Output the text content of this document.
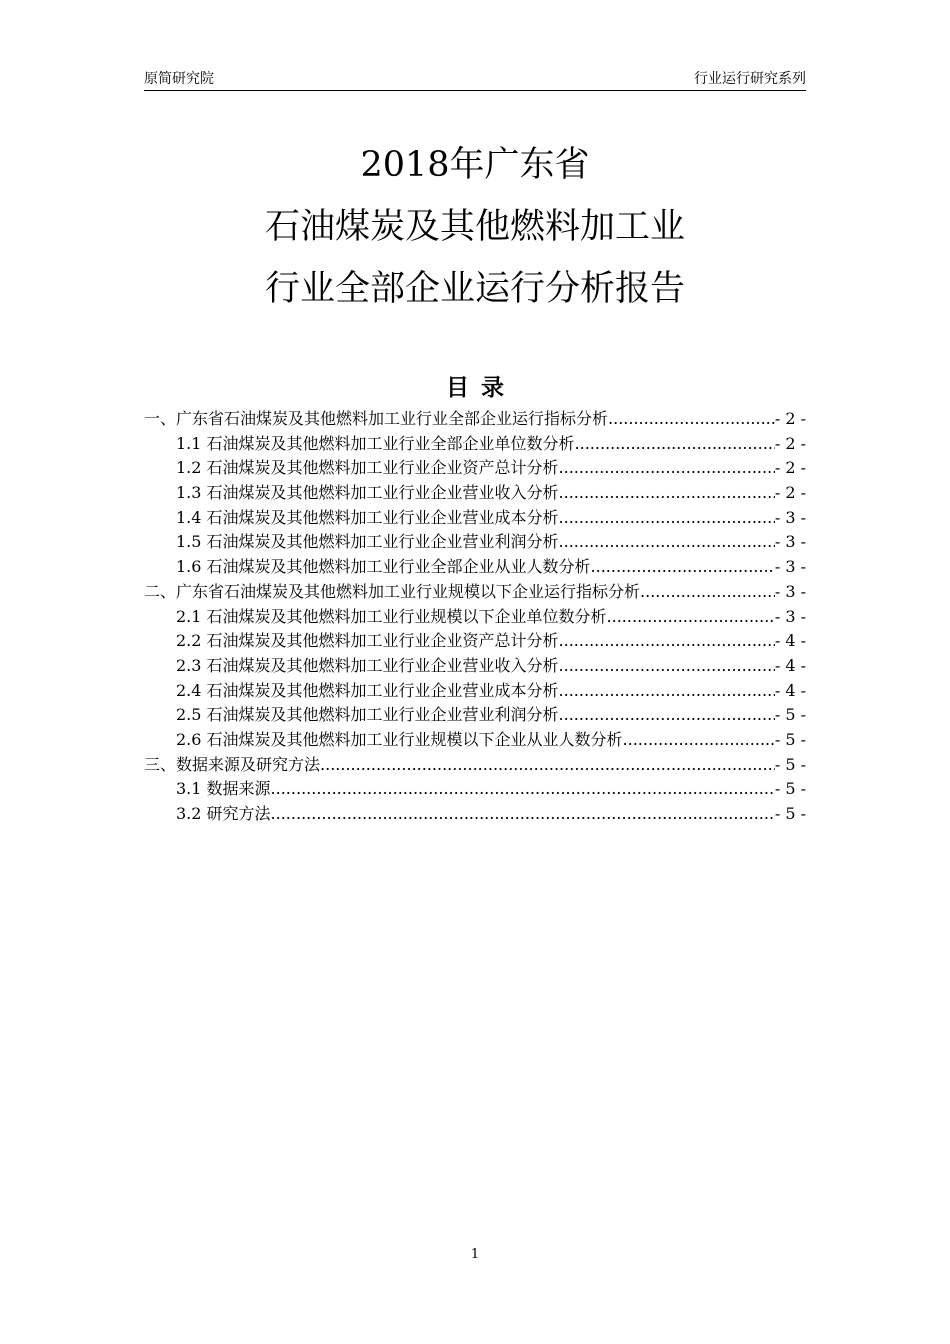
原简研究院	行业运行研究系列
2018年广东省
石油煤炭及其他燃料加工业
行业全部企业运行分析报告
目录
一、广东省石油煤炭及其他燃料加工业行业全部企业运行指标分析 .....	- 2 -
1.1 石油煤炭及其他燃料加工业行业全部企业单位数分析 .....	- 2 -
1.2 石油煤炭及其他燃料加工业行业企业资产总计分析 .....	- 2 -
1.3 石油煤炭及其他燃料加工业行业企业营业收入分析 .....	- 2 -
1.4 石油煤炭及其他燃料加工业行业企业营业成本分析 .....	- 3 -
1.5 石油煤炭及其他燃料加工业行业企业营业利润分析 .....	- 3 -
1.6 石油煤炭及其他燃料加工业行业全部企业从业人数分析 .....	- 3 -
二、广东省石油煤炭及其他燃料加工业行业规模以下企业运行指标分析 .....	- 3 -
2.1 石油煤炭及其他燃料加工业行业规模以下企业单位数分析 .....	- 3 -
2.2 石油煤炭及其他燃料加工业行业企业资产总计分析 .....	- 4 -
2.3 石油煤炭及其他燃料加工业行业企业营业收入分析 .....	- 4 -
2.4 石油煤炭及其他燃料加工业行业企业营业成本分析 .....	- 4 -
2.5 石油煤炭及其他燃料加工业行业企业营业利润分析 .....	- 5 -
2.6 石油煤炭及其他燃料加工业行业规模以下企业从业人数分析 .....	- 5 -
三、数据来源及研究方法 .....	- 5 -
3.1 数据来源 .....	- 5 -
3.2 研究方法 .....	- 5 -
1
